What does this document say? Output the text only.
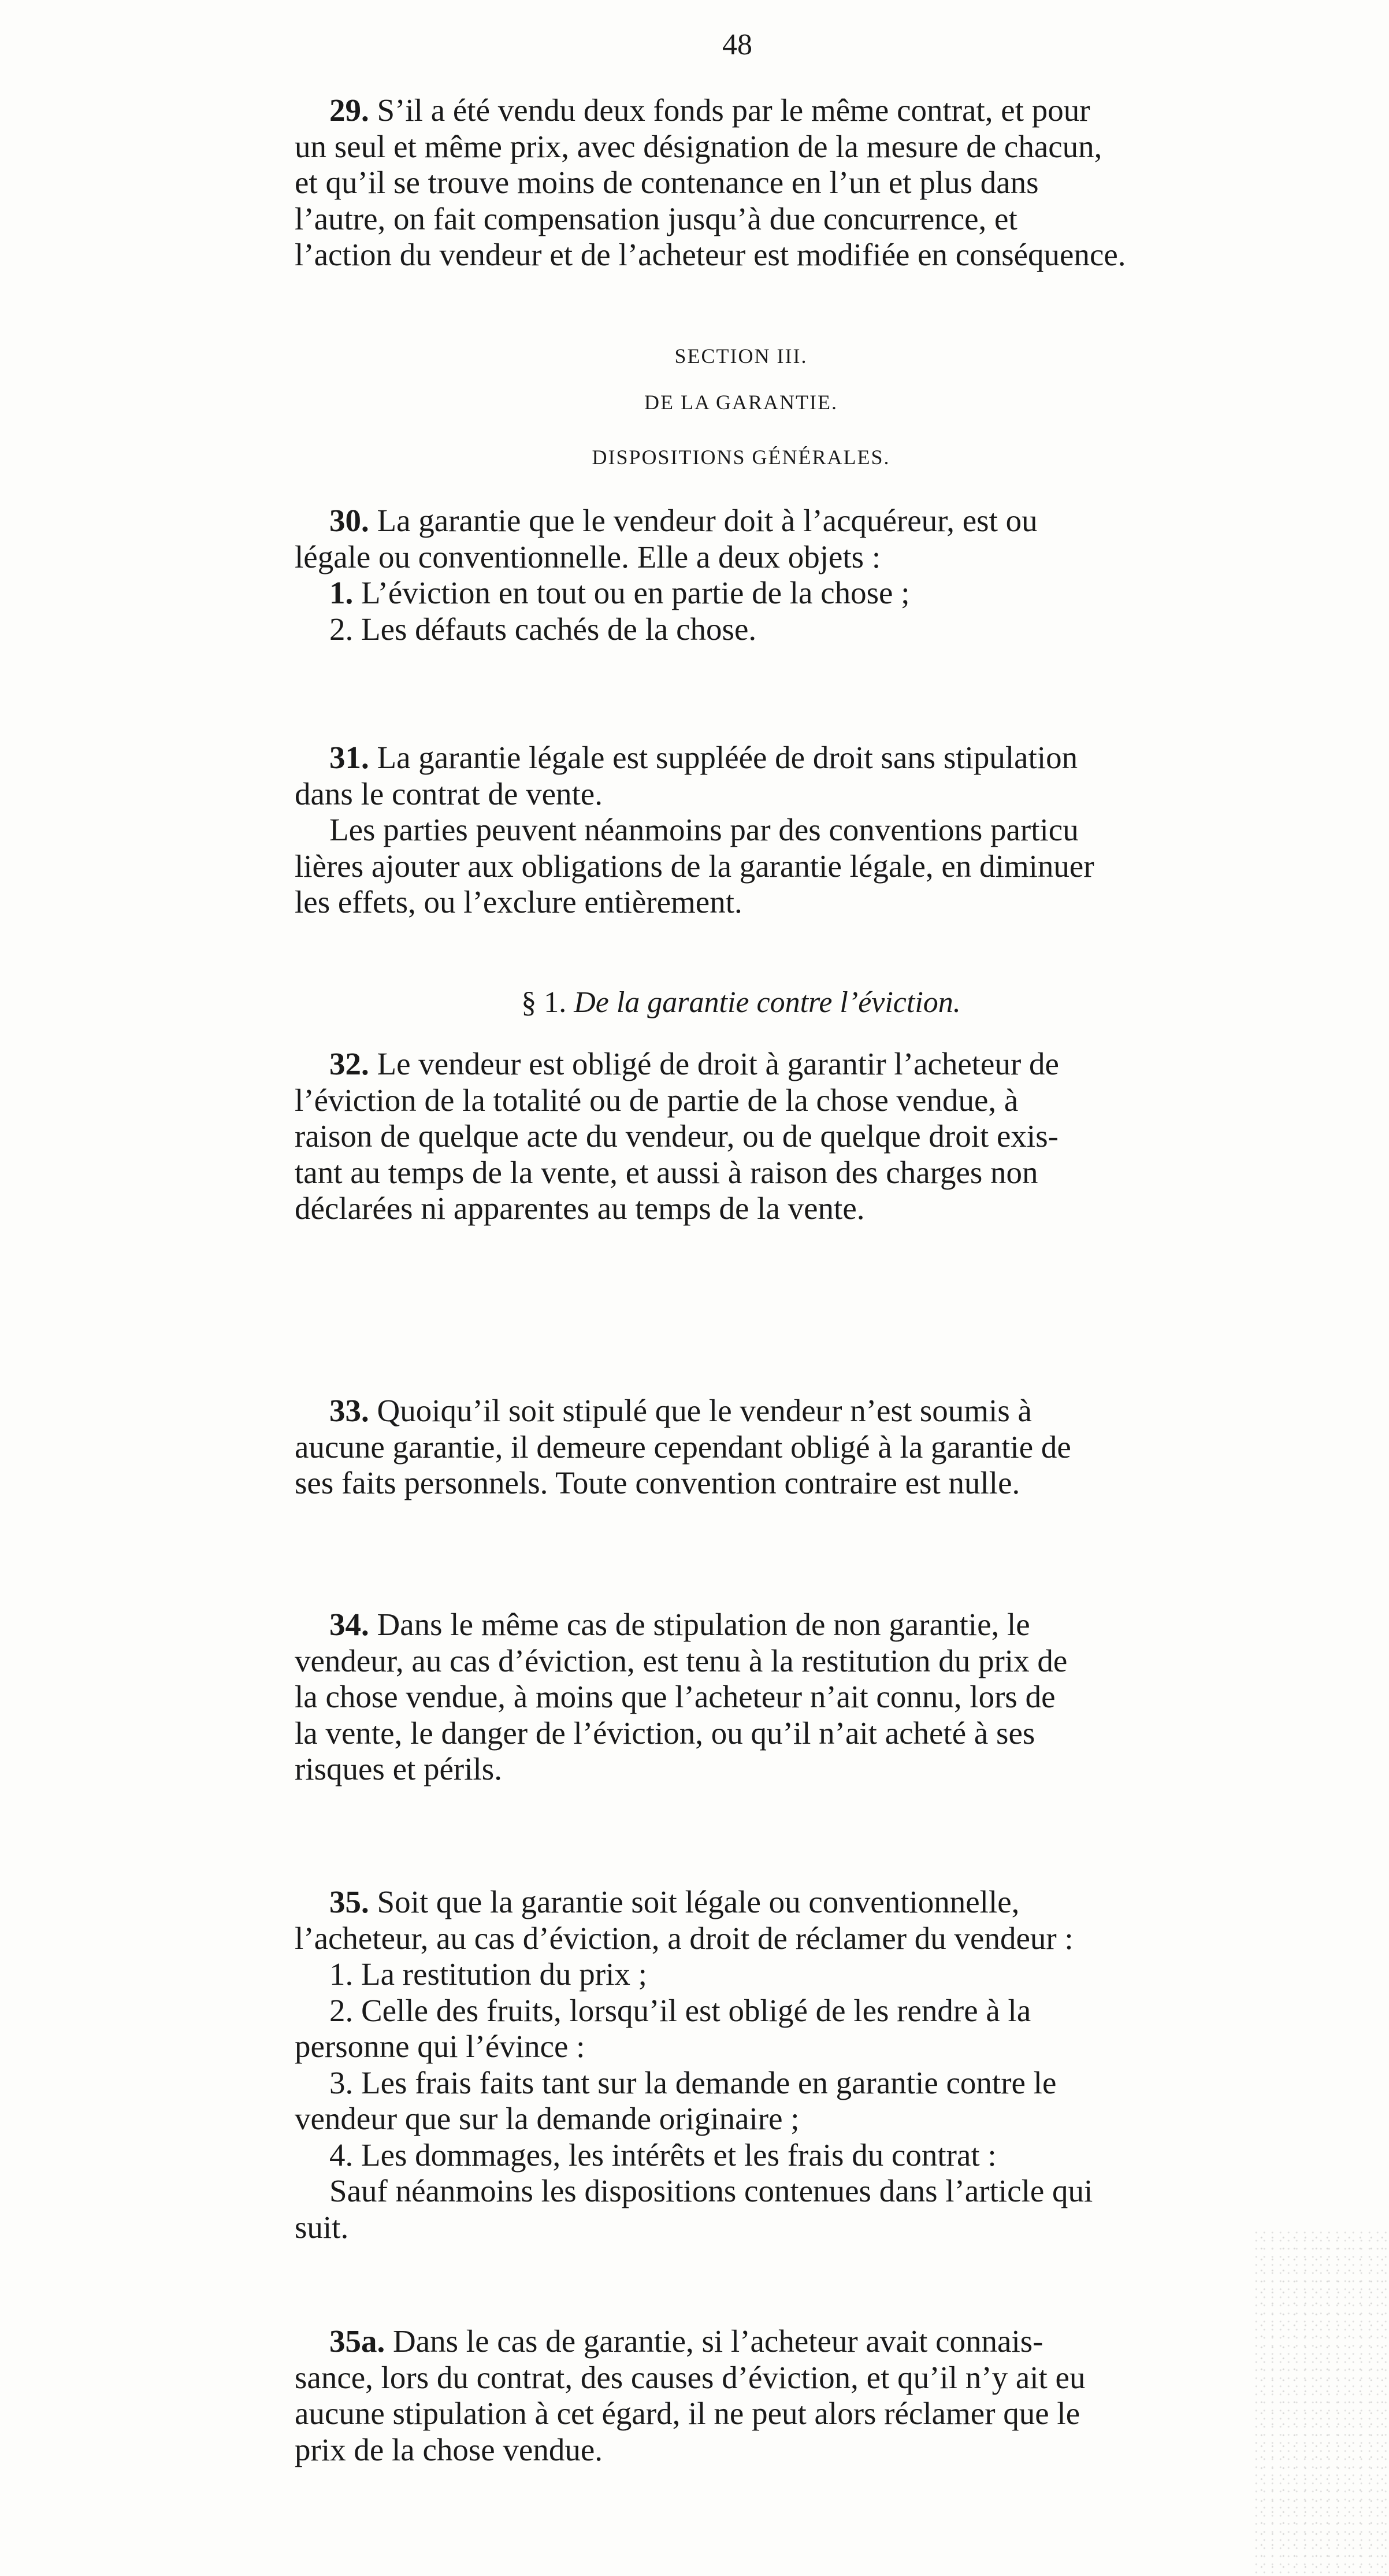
48

29. S’il a été vendu deux fonds par le même contrat, et pour
un seul et même prix, avec désignation de la mesure de chacun,
et qu’il se trouve moins de contenance en l’un et plus dans
l’autre, on fait compensation jusqu’à due concurrence, et
l’action du vendeur et de l’acheteur est modifiée en conséquence.

SECTION III.
DE LA GARANTIE.
DISPOSITIONS GÉNÉRALES.

30. La garantie que le vendeur doit à l’acquéreur, est ou
légale ou conventionnelle. Elle a deux objets :
1. L’éviction en tout ou en partie de la chose ;
2. Les défauts cachés de la chose.

31. La garantie légale est suppléée de droit sans stipulation
dans le contrat de vente.
Les parties peuvent néanmoins par des conventions particu
lières ajouter aux obligations de la garantie légale, en diminuer
les effets, ou l’exclure entièrement.

§ 1. De la garantie contre l’éviction.

32. Le vendeur est obligé de droit à garantir l’acheteur de
l’éviction de la totalité ou de partie de la chose vendue, à
raison de quelque acte du vendeur, ou de quelque droit exis-
tant au temps de la vente, et aussi à raison des charges non
déclarées ni apparentes au temps de la vente.

33. Quoiqu’il soit stipulé que le vendeur n’est soumis à
aucune garantie, il demeure cependant obligé à la garantie de
ses faits personnels. Toute convention contraire est nulle.

34. Dans le même cas de stipulation de non garantie, le
vendeur, au cas d’éviction, est tenu à la restitution du prix de
la chose vendue, à moins que l’acheteur n’ait connu, lors de
la vente, le danger de l’éviction, ou qu’il n’ait acheté à ses
risques et périls.

35. Soit que la garantie soit légale ou conventionnelle,
l’acheteur, au cas d’éviction, a droit de réclamer du vendeur :
1. La restitution du prix ;
2. Celle des fruits, lorsqu’il est obligé de les rendre à la
personne qui l’évince :
3. Les frais faits tant sur la demande en garantie contre le
vendeur que sur la demande originaire ;
4. Les dommages, les intérêts et les frais du contrat :
Sauf néanmoins les dispositions contenues dans l’article qui
suit.

35a. Dans le cas de garantie, si l’acheteur avait connais-
sance, lors du contrat, des causes d’éviction, et qu’il n’y ait eu
aucune stipulation à cet égard, il ne peut alors réclamer que le
prix de la chose vendue.
